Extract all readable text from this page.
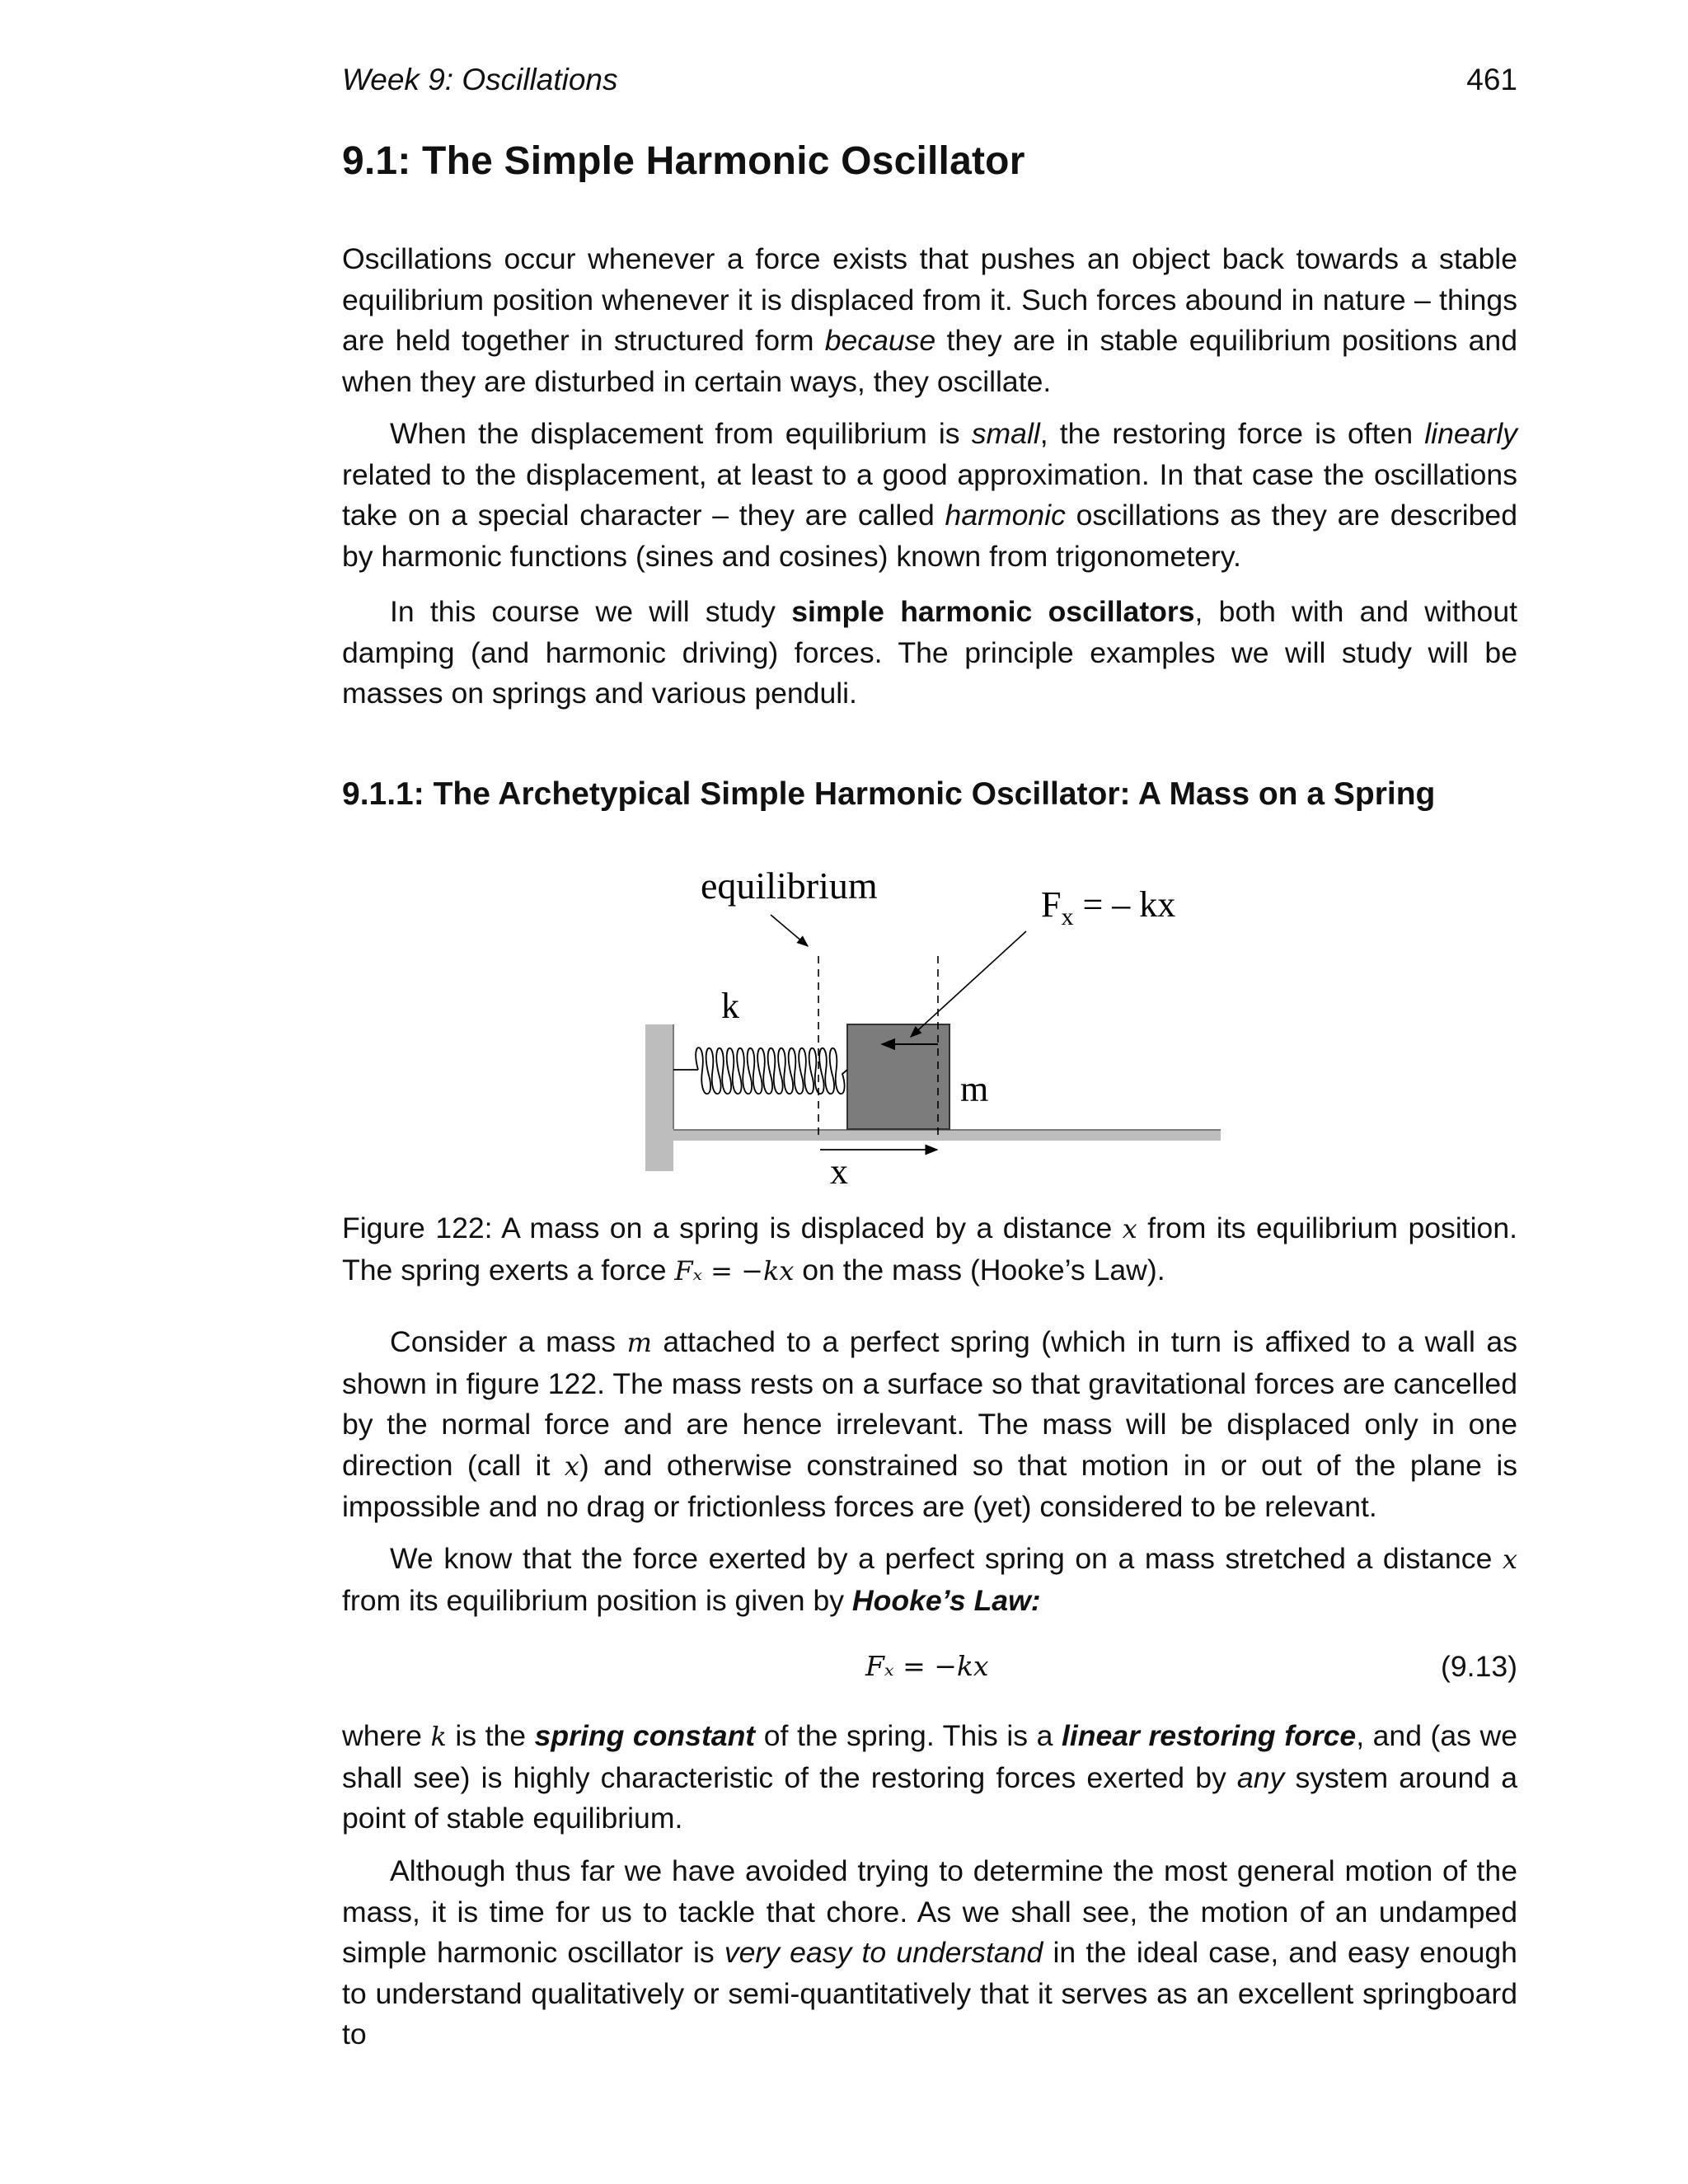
Week 9: Oscillations	461
9.1: The Simple Harmonic Oscillator

Oscillations occur whenever a force exists that pushes an object back towards a stable equilibrium position whenever it is displaced from it. Such forces abound in nature – things are held together in structured form because they are in stable equilibrium positions and when they are disturbed in certain ways, they oscillate.

When the displacement from equilibrium is small, the restoring force is often linearly related to the displacement, at least to a good approximation. In that case the oscillations take on a special character – they are called harmonic oscillations as they are described by harmonic functions (sines and cosines) known from trigonometery.

In this course we will study simple harmonic oscillators, both with and without damping (and harmonic driving) forces. The principle examples we will study will be masses on springs and various penduli.

9.1.1: The Archetypical Simple Harmonic Oscillator: A Mass on a Spring
equilibrium	$F_x$ = – kx
k
m
x
Figure 122: A mass on a spring is displaced by a distance x from its equilibrium position. The spring exerts a force Fₓ = −kx on the mass (Hooke’s Law).

Consider a mass m attached to a perfect spring (which in turn is affixed to a wall as shown in figure 122. The mass rests on a surface so that gravitational forces are cancelled by the normal force and are hence irrelevant. The mass will be displaced only in one direction (call it x) and otherwise constrained so that motion in or out of the plane is impossible and no drag or frictionless forces are (yet) considered to be relevant.

We know that the force exerted by a perfect spring on a mass stretched a distance x from its equilibrium position is given by Hooke’s Law:

Fₓ = −kx	(9.13)

where k is the spring constant of the spring. This is a linear restoring force, and (as we shall see) is highly characteristic of the restoring forces exerted by any system around a point of stable equilibrium.

Although thus far we have avoided trying to determine the most general motion of the mass, it is time for us to tackle that chore. As we shall see, the motion of an undamped simple harmonic oscillator is very easy to understand in the ideal case, and easy enough to understand qualitatively or semi-quantitatively that it serves as an excellent springboard to
